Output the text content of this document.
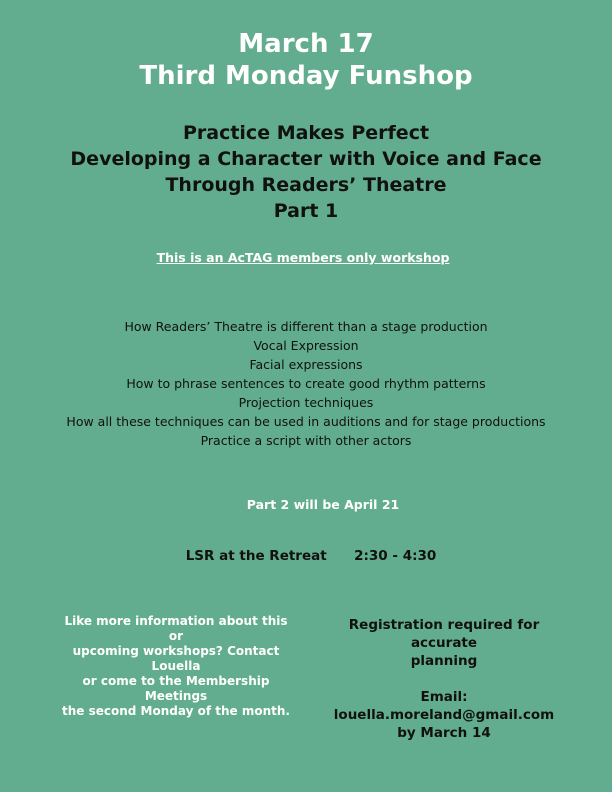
March 17
Third Monday Funshop
Practice Makes Perfect
Developing a Character with Voice and Face
Through Readers’ Theatre
Part 1
This is an AcTAG members only workshop
How Readers’ Theatre is different than a stage production
Vocal Expression
Facial expressions
How to phrase sentences to create good rhythm patterns
Projection techniques
How all these techniques can be used in auditions and for stage productions
Practice a script with other actors
Part 2 will be April 21
LSR at the Retreat 2:30 - 4:30
Like more information about this or
upcoming workshops? Contact Louella
or come to the Membership Meetings
the second Monday of the month.
Registration required for accurate
planning
Email: louella.moreland@gmail.com
by March 14
